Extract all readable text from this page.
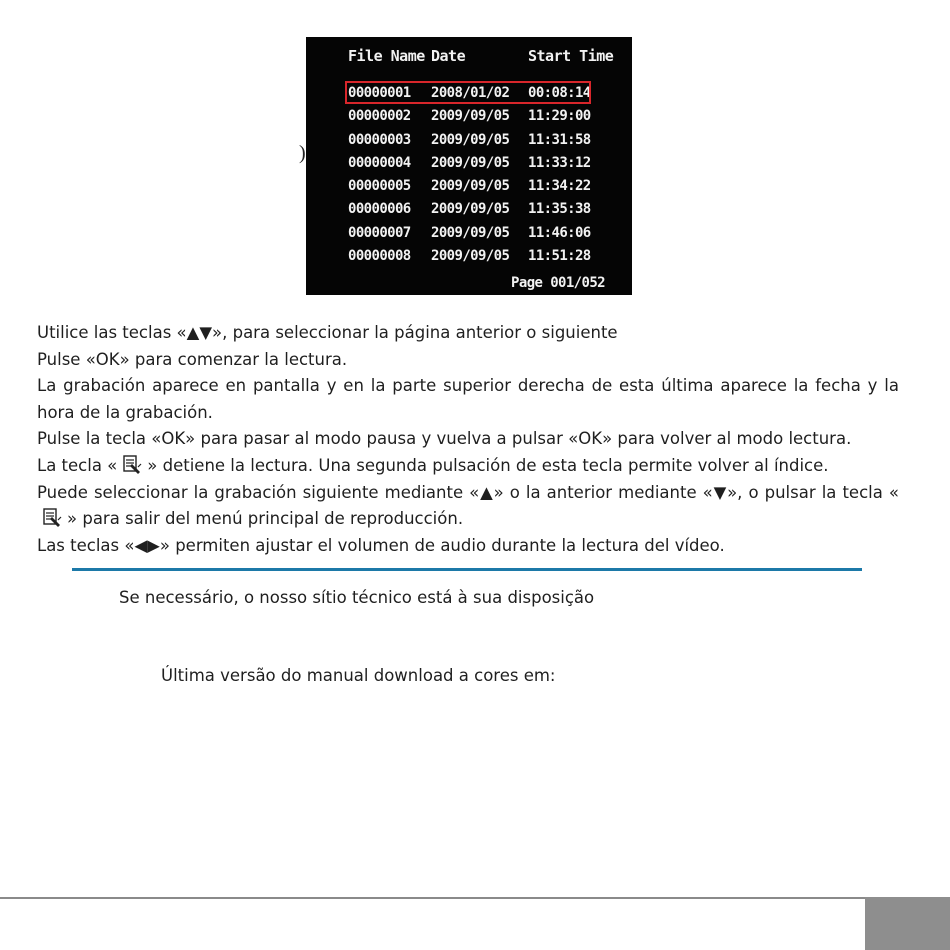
File Name Date	Start Time
00000001 2008/01/02 00:08:14
00000002 2009/09/05 11:29:00
00000003 2009/09/05 11:31:58
00000004 2009/09/05 11:33:12
00000005 2009/09/05 11:34:22
00000006 2009/09/05 11:35:38
00000007 2009/09/05 11:46:06
00000008 2009/09/05 11:51:28
Page 001/052
)

Utilice las teclas «▲▼», para seleccionar la página anterior o siguiente

Pulse «OK» para comenzar la lectura.

La grabación aparece en pantalla y en la parte superior derecha de esta última aparece la fecha y la hora de la grabación.

Pulse la tecla «OK» para pasar al modo pausa y vuelva a pulsar «OK» para volver al modo lectura.

La tecla « » detiene la lectura. Una segunda pulsación de esta tecla permite volver al índice.

Puede seleccionar la grabación siguiente mediante «▲» o la anterior mediante «▼», o pulsar la tecla «» para salir del menú principal de reproducción.

Las teclas «◀▶» permiten ajustar el volumen de audio durante la lectura del vídeo.

Se necessário, o nosso sítio técnico está à sua disposição
Última versão do manual download a cores em:
